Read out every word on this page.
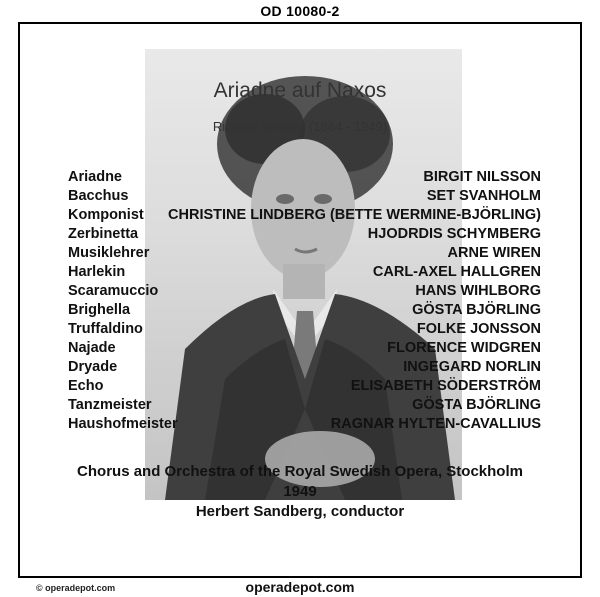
OD 10080-2
Ariadne auf Naxos
Richard Strauss (1864 - 1949)
Ariadne	BIRGIT NILSSON
Bacchus	SET SVANHOLM
Komponist CHRISTINE LINDBERG (BETTE WERMINE-BJÖRLING)
Zerbinetta	HJODRDIS SCHYMBERG
Musiklehrer	ARNE WIREN
Harlekin	CARL-AXEL HALLGREN
Scaramuccio	HANS WIHLBORG
Brighella	GÖSTA BJÖRLING
Truffaldino	FOLKE JONSSON
Najade	FLORENCE WIDGREN
Dryade	INGEGARD NORLIN
Echo	ELISABETH SÖDERSTRÖM
Tanzmeister	GÖSTA BJÖRLING
Haushofmeister	RAGNAR HYLTEN-CAVALLIUS
Chorus and Orchestra of the Royal Swedish Opera, Stockholm
1949
Herbert Sandberg, conductor
© operadepot.com	operadepot.com
